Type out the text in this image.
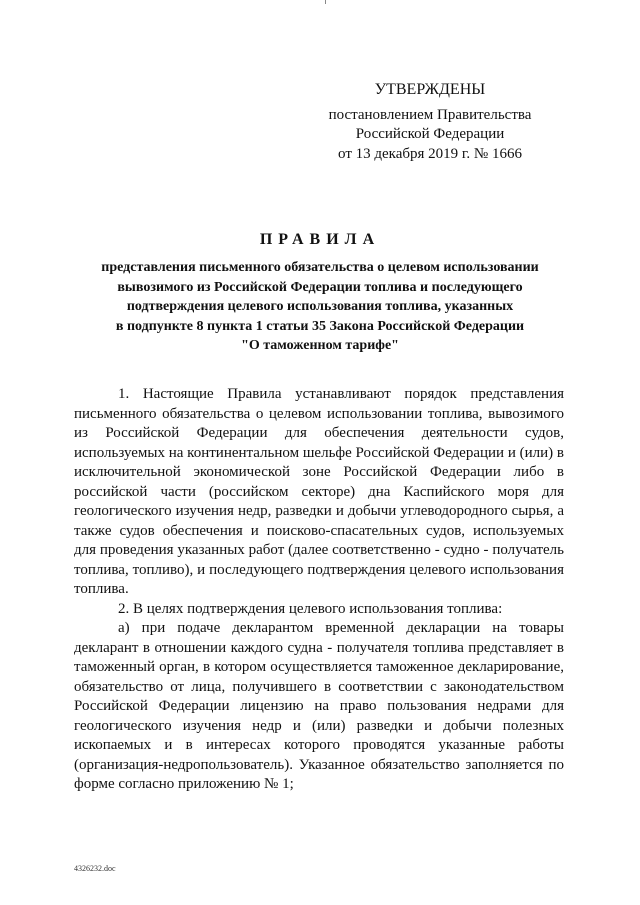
УТВЕРЖДЕНЫ
постановлением Правительства
Российской Федерации
от 13 декабря 2019 г. № 1666
ПРАВИЛА
представления письменного обязательства о целевом использовании
вывозимого из Российской Федерации топлива и последующего
подтверждения целевого использования топлива, указанных
в подпункте 8 пункта 1 статьи 35 Закона Российской Федерации
"О таможенном тарифе"

1. Настоящие Правила устанавливают порядок представления письменного обязательства о целевом использовании топлива, вывозимого из Российской Федерации для обеспечения деятельности судов, используемых на континентальном шельфе Российской Федерации и (или) в исключительной экономической зоне Российской Федерации либо в российской части (российском секторе) дна Каспийского моря для геологического изучения недр, разведки и добычи углеводородного сырья, а также судов обеспечения и поисково-спасательных судов, используемых для проведения указанных работ (далее соответственно - судно - получатель топлива, топливо), и последующего подтверждения целевого использования топлива.

2. В целях подтверждения целевого использования топлива:

а) при подаче декларантом временной декларации на товары декларант в отношении каждого судна - получателя топлива представляет в таможенный орган, в котором осуществляется таможенное декларирование, обязательство от лица, получившего в соответствии с законодательством Российской Федерации лицензию на право пользования недрами для геологического изучения недр и (или) разведки и добычи полезных ископаемых и в интересах которого проводятся указанные работы (организация-недропользователь). Указанное обязательство заполняется по форме согласно приложению № 1;

4326232.doc
